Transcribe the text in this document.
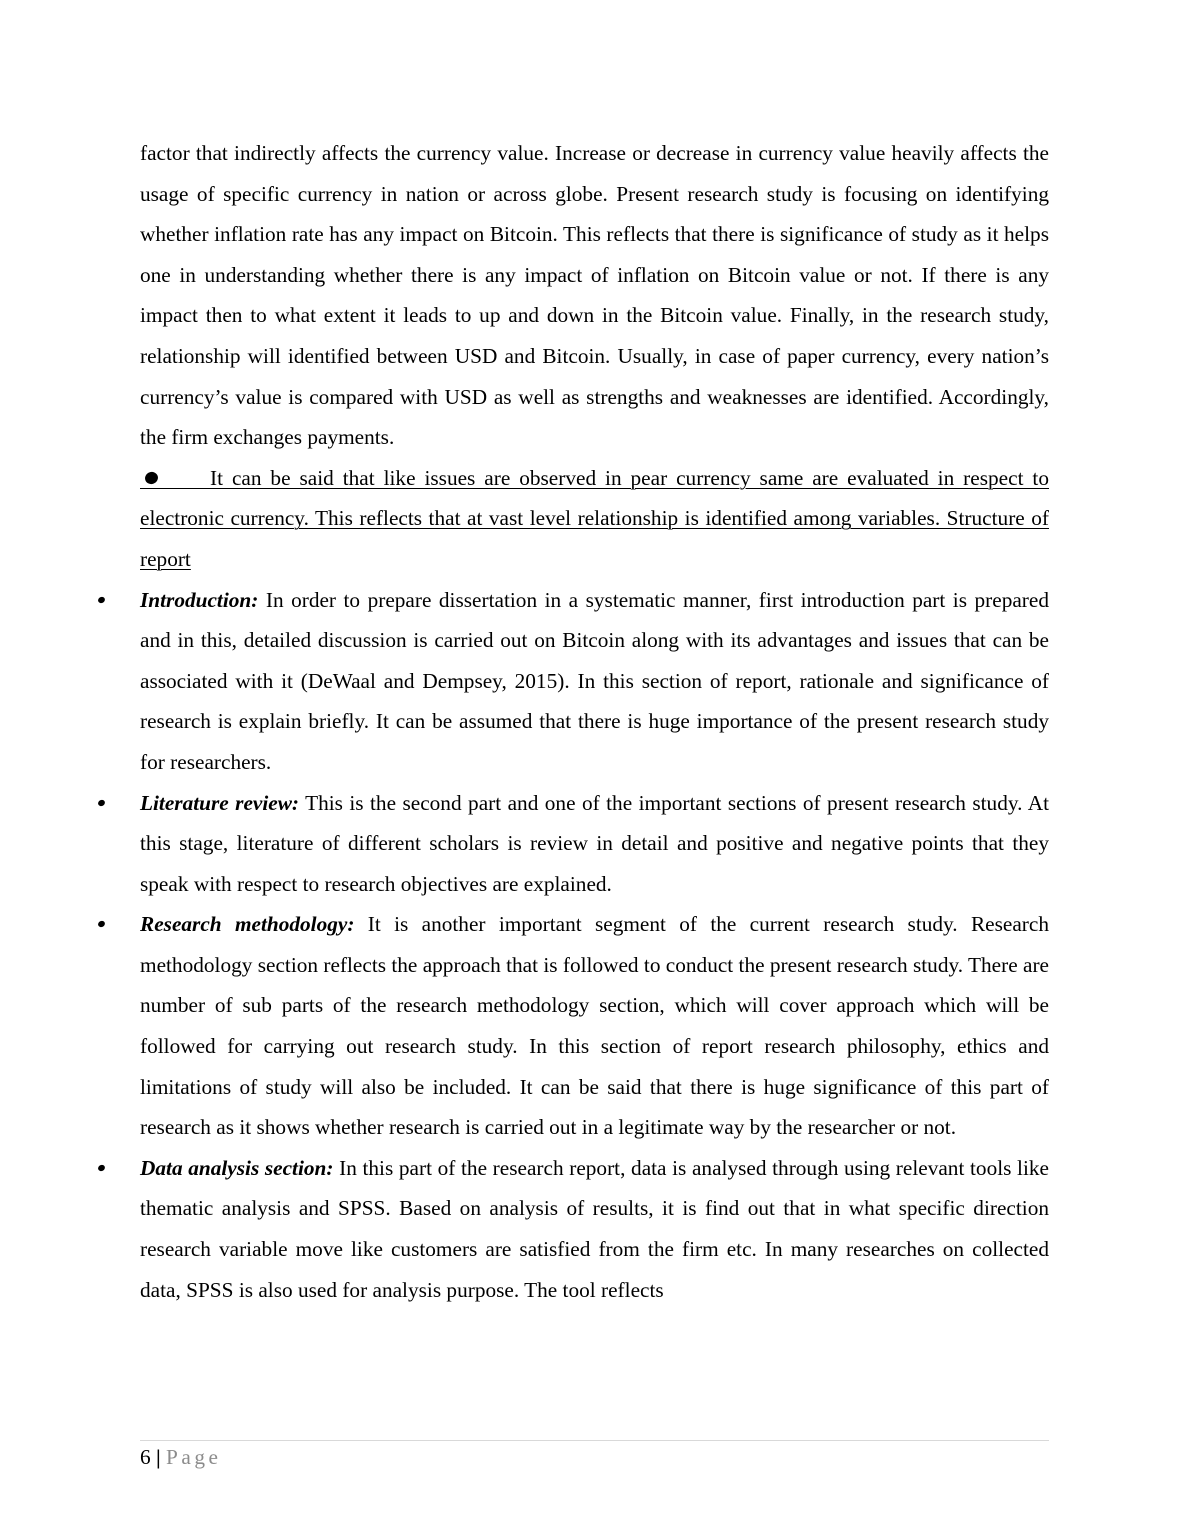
factor that indirectly affects the currency value. Increase or decrease in currency value heavily affects the usage of specific currency in nation or across globe. Present research study is focusing on identifying whether inflation rate has any impact on Bitcoin. This reflects that there is significance of study as it helps one in understanding whether there is any impact of inflation on Bitcoin value or not. If there is any impact then to what extent it leads to up and down in the Bitcoin value. Finally, in the research study, relationship will identified between USD and Bitcoin. Usually, in case of paper currency, every nation’s currency’s value is compared with USD as well as strengths and weaknesses are identified. Accordingly, the firm exchanges payments.

It can be said that like issues are observed in pear currency same are evaluated in respect to electronic currency. This reflects that at vast level relationship is identified among variables. Structure of report
Introduction: In order to prepare dissertation in a systematic manner, first introduction part is prepared and in this, detailed discussion is carried out on Bitcoin along with its advantages and issues that can be associated with it (DeWaal and Dempsey, 2015). In this section of report, rationale and significance of research is explain briefly. It can be assumed that there is huge importance of the present research study for researchers.
Literature review: This is the second part and one of the important sections of present research study. At this stage, literature of different scholars is review in detail and positive and negative points that they speak with respect to research objectives are explained.
Research methodology: It is another important segment of the current research study. Research methodology section reflects the approach that is followed to conduct the present research study. There are number of sub parts of the research methodology section, which will cover approach which will be followed for carrying out research study. In this section of report research philosophy, ethics and limitations of study will also be included. It can be said that there is huge significance of this part of research as it shows whether research is carried out in a legitimate way by the researcher or not.
Data analysis section: In this part of the research report, data is analysed through using relevant tools like thematic analysis and SPSS. Based on analysis of results, it is find out that in what specific direction research variable move like customers are satisfied from the firm etc. In many researches on collected data, SPSS is also used for analysis purpose. The tool reflects
6 | Page
